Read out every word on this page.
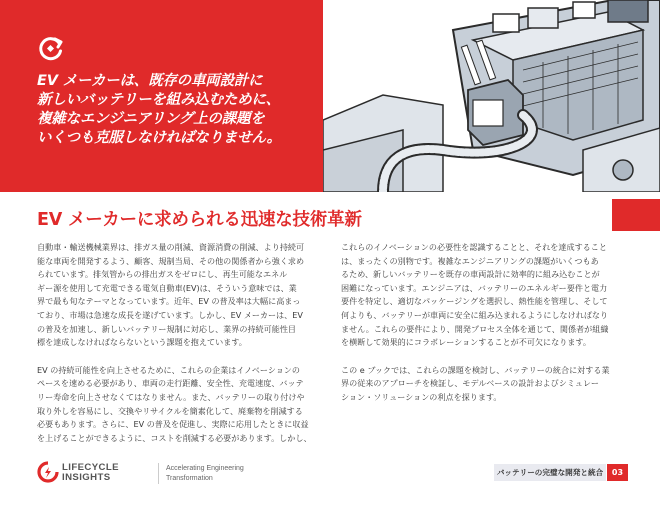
EV メーカーは、既存の車両設計に
新しいバッテリーを組み込むために、
複雑なエンジニアリング上の課題を
いくつも克服しなければなりません。
EV メーカーに求められる迅速な技術革新

自動車・輸送機械業界は、排ガス量の削減、資源消費の削減、より持続可
能な車両を開発するよう、顧客、規制当局、その他の関係者から強く求め
られています。排気管からの排出ガスをゼロにし、再生可能なエネル
ギー源を使用して充電できる電気自動車(EV)は、そういう意味では、業
界で最も旬なテーマとなっています。近年、EV の普及率は大幅に高まっ
ており、市場は急速な成長を遂げています。しかし、EV メーカーは、EV
の普及を加速し、新しいバッテリー規制に対応し、業界の持続可能性目
標を達成しなければならないという課題を抱えています。

EV の持続可能性を向上させるために、これらの企業はイノベーションの
ペースを速める必要があり、車両の走行距離、安全性、充電速度、バッテ
リー寿命を向上させなくてはなりません。また、バッテリーの取り付けや
取り外しを容易にし、交換やリサイクルを簡素化して、廃棄物を削減する
必要もあります。さらに、EV の普及を促進し、実際に応用したときに収益
を上げることができるように、コストを削減する必要があります。しかし、

これらのイノベーションの必要性を認識することと、それを達成すること
は、まったくの別物です。複雑なエンジニアリングの課題がいくつもあ
るため、新しいバッテリーを既存の車両設計に効率的に組み込むことが
困難になっています。エンジニアは、バッテリーのエネルギー要件と電力
要件を特定し、適切なパッケージングを選択し、熱性能を管理し、そして
何よりも、バッテリーが車両に安全に組み込まれるようにしなければなり
ません。これらの要件により、開発プロセス全体を通じて、関係者が組織
を横断して効果的にコラボレーションすることが不可欠になります。

この e ブックでは、これらの課題を検討し、バッテリーの統合に対する業
界の従来のアプローチを検証し、モデルベースの設計およびシミュレー
ション・ソリューションの利点を探ります。

LIFECYCLE
INSIGHTS
Accelerating Engineering
Transformation
バッテリーの完璧な開発と統合	03
